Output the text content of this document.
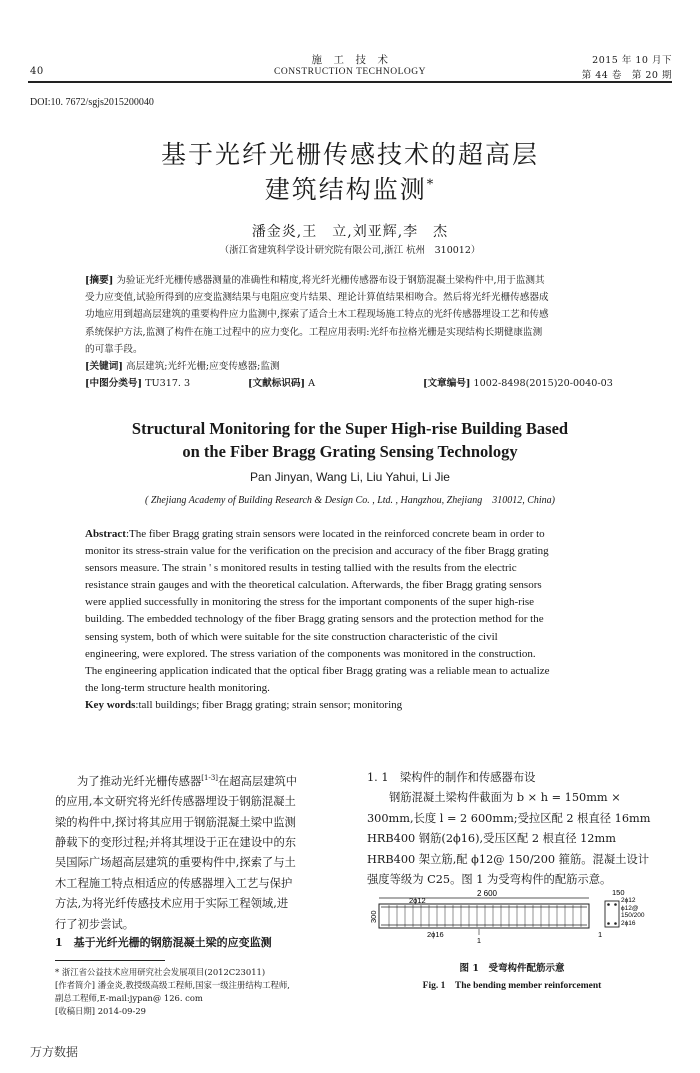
40
施　工　技　术
CONSTRUCTION TECHNOLOGY
2015 年 10 月下
第 44 卷　第 20 期
DOI:10. 7672/sgjs2015200040
基于光纤光栅传感技术的超高层
建筑结构监测*
潘金炎,王　立,刘亚辉,李　杰
（浙江省建筑科学设计研究院有限公司,浙江 杭州　310012）
[摘要] 为验证光纤光栅传感器测量的准确性和精度,将光纤光栅传感器布设于钢筋混凝土梁构件中,用于监测其
受力应变值,试验所得到的应变监测结果与电阻应变片结果、理论计算值结果相吻合。然后将光纤光栅传感器成
功地应用到超高层建筑的重要构件应力监测中,探索了适合土木工程现场施工特点的光纤传感器埋设工艺和传感
系统保护方法,监测了构件在施工过程中的应力变化。工程应用表明:光纤布拉格光栅是实现结构长期健康监测
的可靠手段。
[关键词] 高层建筑;光纤光栅;应变传感器;监测
[中图分类号] TU317. 3	[文献标识码] A	[文章编号] 1002-8498(2015)20-0040-03
Structural Monitoring for the Super High-rise Building Based
on the Fiber Bragg Grating Sensing Technology
Pan Jinyan, Wang Li, Liu Yahui, Li Jie
( Zhejiang Academy of Building Research & Design Co. , Ltd. , Hangzhou, Zhejiang　310012, China)
Abstract:The fiber Bragg grating strain sensors were located in the reinforced concrete beam in order to
monitor its stress-strain value for the verification on the precision and accuracy of the fiber Bragg grating
sensors measure. The strain ' s monitored results in testing tallied with the results from the electric
resistance strain gauges and with the theoretical calculation. Afterwards, the fiber Bragg grating sensors
were applied successfully in monitoring the stress for the important components of the super high-rise
building. The embedded technology of the fiber Bragg grating sensors and the protection method for the
sensing system, both of which were suitable for the site construction characteristic of the civil
engineering, were explored. The stress variation of the components was monitored in the construction.
The engineering application indicated that the optical fiber Bragg grating was a reliable mean to actualize
the long-term structure health monitoring.
Key words:tall buildings; fiber Bragg grating; strain sensor; monitoring
为了推动光纤光栅传感器[1-3]在超高层建筑中
的应用,本文研究将光纤传感器埋设于钢筋混凝土
梁的构件中,探讨将其应用于钢筋混凝土梁中监测
静载下的变形过程;并将其埋设于正在建设中的东
吴国际广场超高层建筑的重要构件中,探索了与土
木工程施工特点相适应的传感器埋入工艺与保护
方法,为将光纤传感技术应用于实际工程领域,进
行了初步尝试。
1　基于光纤光栅的钢筋混凝土梁的应变监测
* 浙江省公益技术应用研究社会发展项目(2012C23011)
[作者简介] 潘金炎,教授级高级工程师,国家一级注册结构工程师,
副总工程师,E-mail:jypan@ 126. com
[收稿日期] 2014-09-29
1. 1　梁构件的制作和传感器布设
钢筋混凝土梁构件截面为 b × h = 150mm ×
300mm,长度 l = 2 600mm;受拉区配 2 根直径 16mm
HRB400 钢筋(2ϕ16),受压区配 2 根直径 12mm
HRB400 架立筋,配 ϕ12@ 150/200 箍筋。混凝土设计
强度等级为 C25。图 1 为受弯构件的配筋示意。
2 600
2ϕ12
2ϕ16
300
1
150
2ϕ12
ϕ12@
150/200
2ϕ16
1
图 1　受弯构件配筋示意
Fig. 1　The bending member reinforcement
万方数据
